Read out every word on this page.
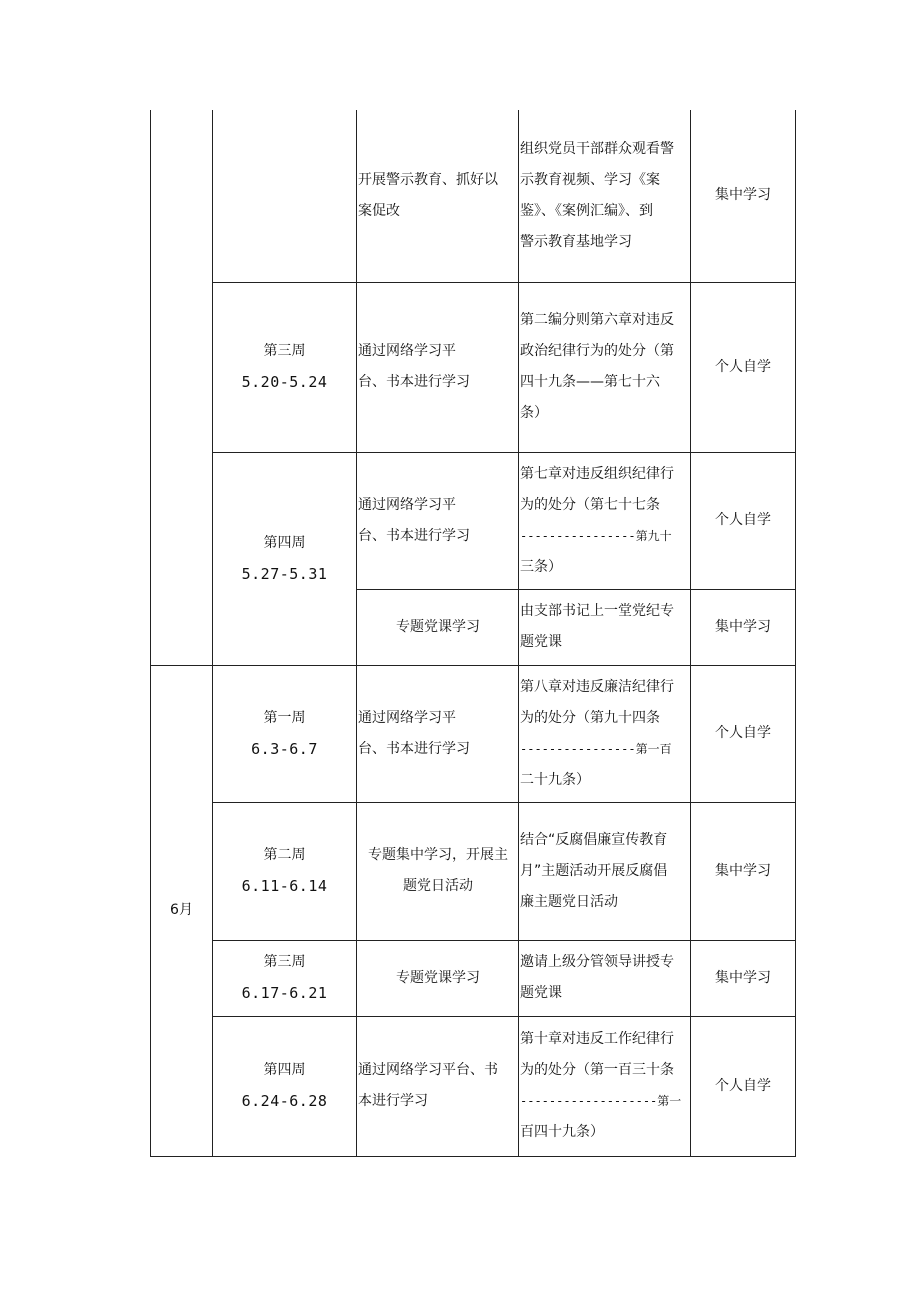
		开展警示教育、抓好以
案促改	组织党员干部群众观看警
示教育视频、学习《案
鉴》、《案例汇编》、到
警示教育基地学习	集中学习

	第三周
5.20-5.24	通过网络学习平
台、书本进行学习	第二编分则第六章对违反
政治纪律行为的处分（第
四十九条——第七十六
条）	个人自学

	第四周
5.27-5.31	通过网络学习平
台、书本进行学习	第七章对违反组织纪律行
为的处分（第七十七条
----------------第九十
三条）	个人自学

		专题党课学习	由支部书记上一堂党纪专
题党课	集中学习
6月	第一周
6.3-6.7	通过网络学习平
台、书本进行学习	第八章对违反廉洁纪律行
为的处分（第九十四条
----------------第一百
二十九条）	个人自学

	第二周
6.11-6.14	专题集中学习，开展主
题党日活动	结合“反腐倡廉宣传教育
月”主题活动开展反腐倡
廉主题党日活动	集中学习

	第三周
6.17-6.21	专题党课学习	邀请上级分管领导讲授专
题党课	集中学习

	第四周
6.24-6.28	通过网络学习平台、书
本进行学习	第十章对违反工作纪律行
为的处分（第一百三十条
-------------------第一
百四十九条）	个人自学
